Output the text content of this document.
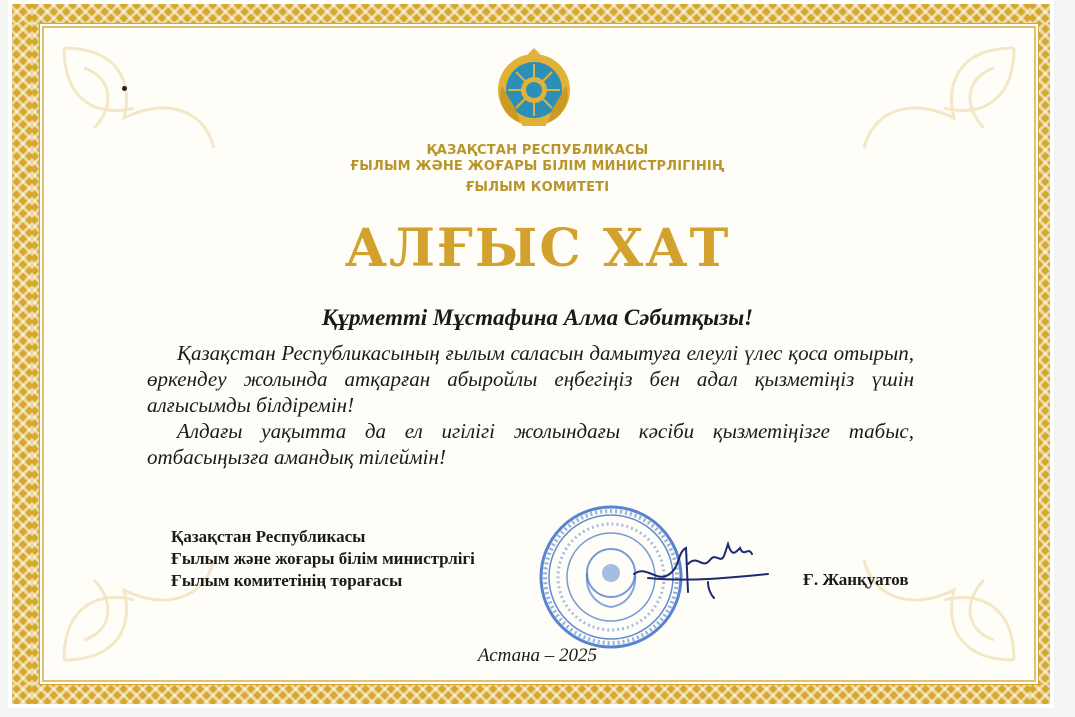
ҚАЗАҚСТАН РЕСПУБЛИКАСЫ
ҒЫЛЫМ ЖӘНЕ ЖОҒАРЫ БІЛІМ МИНИСТРЛІГІНІҢ
ҒЫЛЫМ КОМИТЕТІ
АЛҒЫС ХАТ
Құрметті Мұстафина Алма Сәбитқызы!

Қазақстан Республикасының ғылым саласын дамытуға елеулі үлес қоса отырып, өркендеу жолында атқарған абыройлы еңбегіңіз бен адал қызметіңіз үшін алғысымды білдіремін!

Алдағы уақытта да ел игілігі жолындағы кәсіби қызметіңізге табыс, отбасыңызға амандық тілеймін!

Қазақстан Республикасы
Ғылым және жоғары білім министрлігі
Ғылым комитетінің төрағасы	Ғ. Жанқуатов
Астана – 2025
